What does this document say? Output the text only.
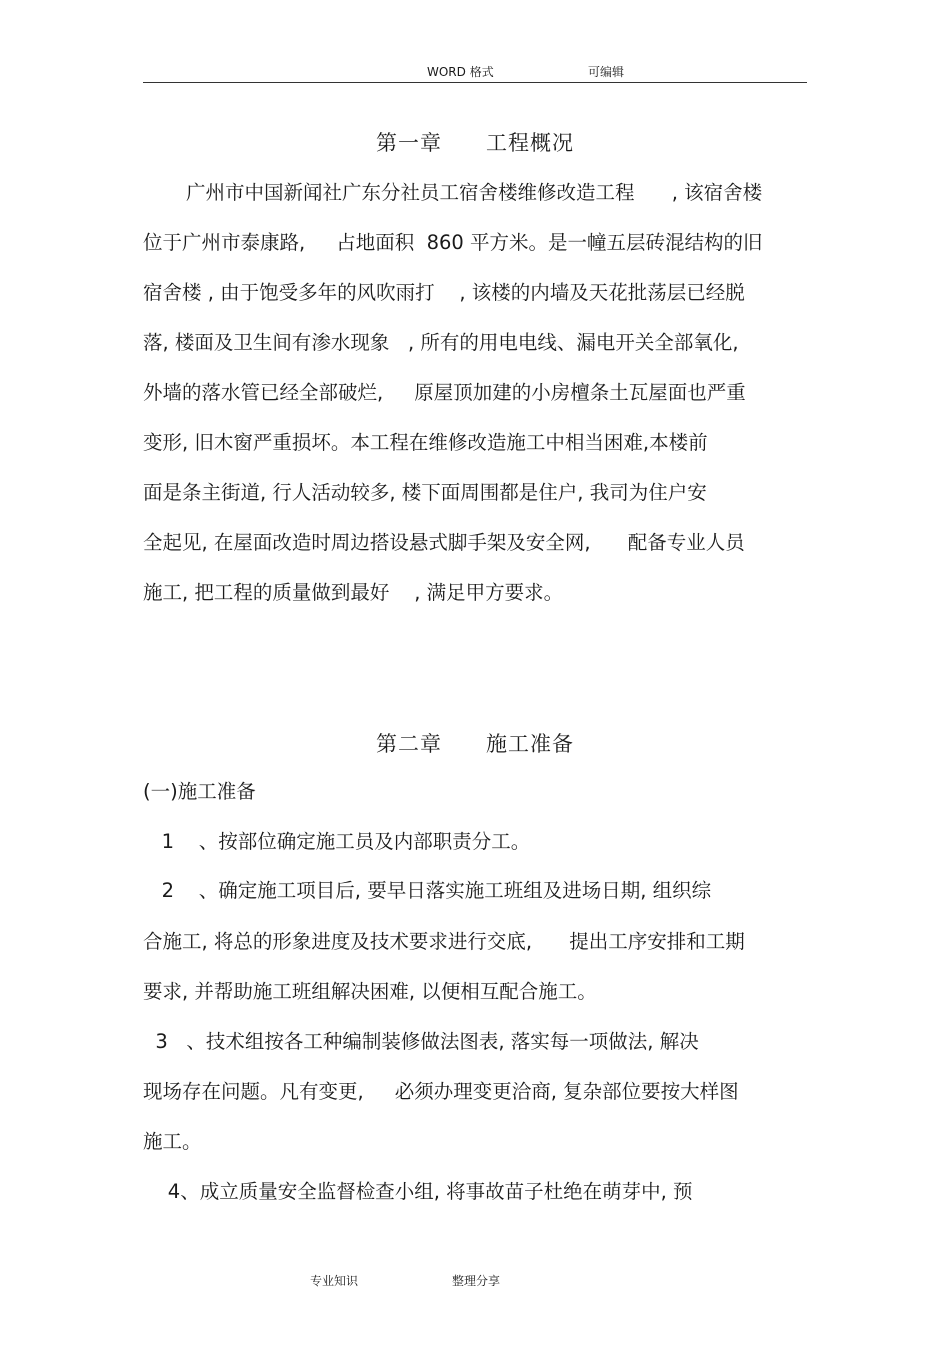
WORD 格式	可编辑
第一章 工程概况
广州市中国新闻社广东分社员工宿舍楼维修改造工程      , 该宿舍楼
位于广州市泰康路,     占地面积  860 平方米。是一幢五层砖混结构的旧
宿舍楼 , 由于饱受多年的风吹雨打    , 该楼的内墙及天花批荡层已经脱
落, 楼面及卫生间有渗水现象   , 所有的用电电线、漏电开关全部氧化,
外墙的落水管已经全部破烂,     原屋顶加建的小房檀条土瓦屋面也严重
变形, 旧木窗严重损坏。本工程在维修改造施工中相当困难,本楼前
面是条主街道, 行人活动较多, 楼下面周围都是住户, 我司为住户安
全起见, 在屋面改造时周边搭设悬式脚手架及安全网,      配备专业人员
施工, 把工程的质量做到最好    , 满足甲方要求。
第二章 施工准备
(一)施工准备
1    、按部位确定施工员及内部职责分工。
2    、确定施工项目后, 要早日落实施工班组及进场日期, 组织综
合施工, 将总的形象进度及技术要求进行交底,      提出工序安排和工期
要求, 并帮助施工班组解决困难, 以便相互配合施工。
3   、技术组按各工种编制装修做法图表, 落实每一项做法, 解决
现场存在问题。凡有变更,     必须办理变更洽商, 复杂部位要按大样图
施工。
4、成立质量安全监督检查小组, 将事故苗子杜绝在萌芽中, 预
专业知识	整理分享
